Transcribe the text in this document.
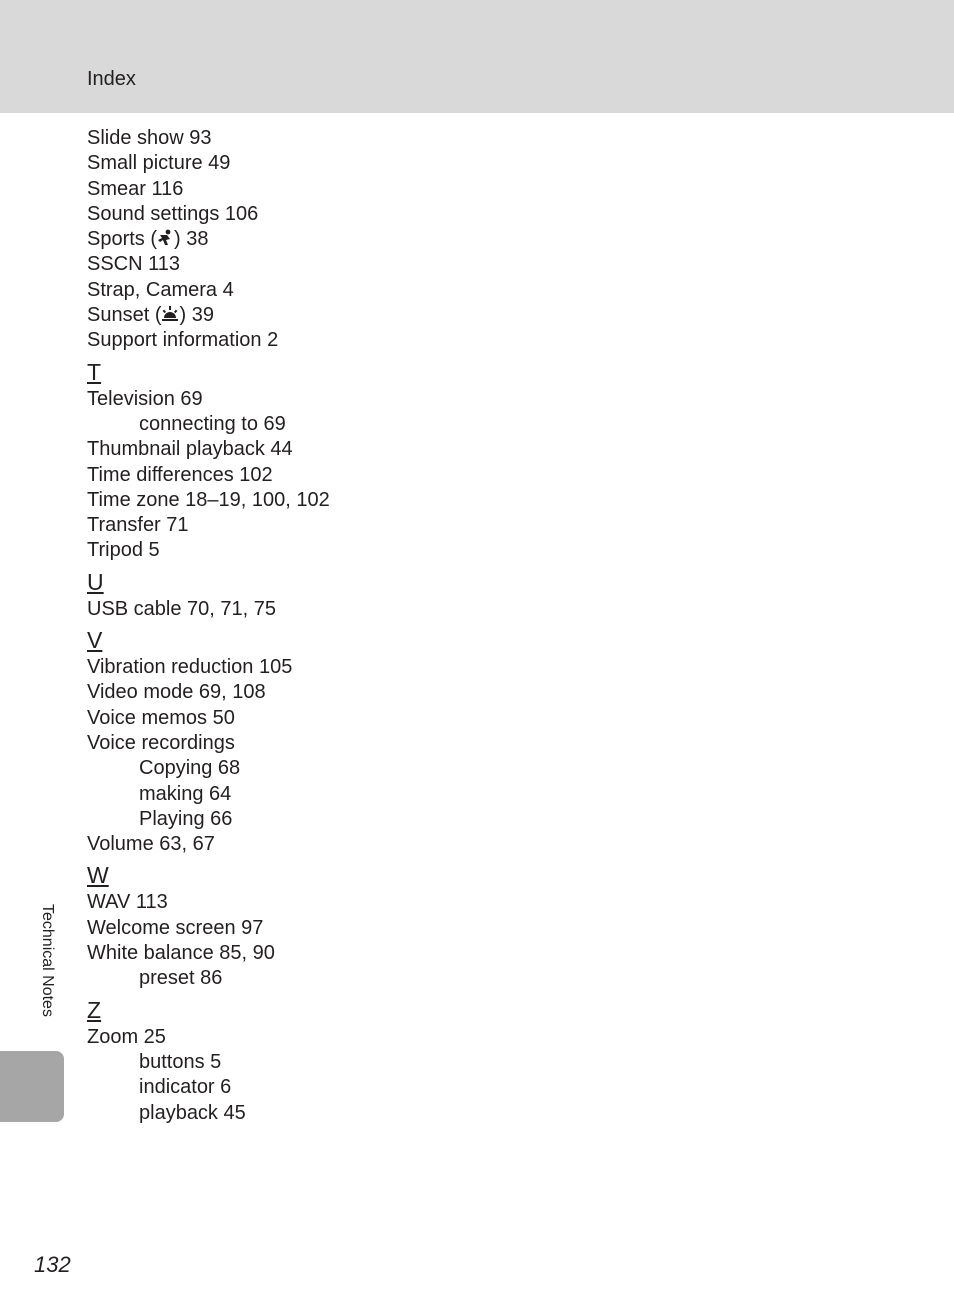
Index
Slide show 93
Small picture 49
Smear 116
Sound settings 106
Sports ( ) 38
SSCN 113
Strap, Camera 4
Sunset ( ) 39
Support information 2
T
Television 69
connecting to 69
Thumbnail playback 44
Time differences 102
Time zone 18–19, 100, 102
Transfer 71
Tripod 5
U
USB cable 70, 71, 75
V
Vibration reduction 105
Video mode 69, 108
Voice memos 50
Voice recordings
Copying 68
making 64
Playing 66
Volume 63, 67
W
WAV 113
Welcome screen 97
White balance 85, 90
preset 86
Z
Zoom 25
buttons 5
indicator 6
playback 45
Technical Notes
132
